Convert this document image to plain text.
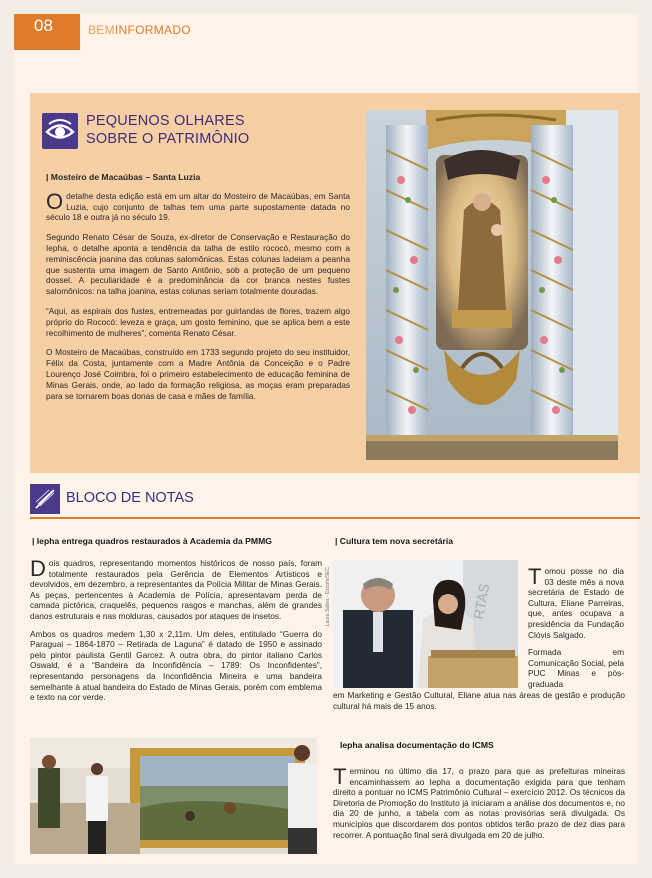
08	BEMINFORMADO
PEQUENOS OLHARES
SOBRE O PATRIMÔNIO
| Mosteiro de Macaúbas – Santa Luzia

Odetalhe desta edição está em um altar do Mosteiro de Macaúbas, em Santa Luzia, cujo conjunto de talhas tem uma parte supostamente datada no século 18 e outra já no século 19.

Segundo Renato César de Souza, ex-diretor de Conservação e Restauração do Iepha, o detalhe aponta a tendência da talha de estilo rococó, mesmo com a reminiscência joanina das colunas salomônicas. Estas colunas ladeiam a peanha que sustenta uma imagem de Santo Antônio, sob a proteção de um pequeno dossel. A peculiaridade é a predominância da cor branca nestes fustes salomônicos: na talha joanina, estas colunas seriam totalmente douradas.

“Aqui, as espirais dos fustes, entremeadas por guirlandas de flores, trazem algo próprio do Rococó: leveza e graça, um gosto feminino, que se aplica bem a este recolhimento de mulheres”, comenta Renato César.

O Mosteiro de Macaúbas, construído em 1733 segundo projeto do seu instituidor, Félix da Costa, juntamente com a Madre Antônia da Conceição e o Padre Lourenço José Coimbra, foi o primeiro estabelecimento de educação feminina de Minas Gerais, onde, ao lado da formação religiosa, as moças eram preparadas para se tornarem boas donas de casa e mães de família.

BLOCO DE NOTAS
| Iepha entrega quadros restaurados à Academia da PMMG

Dois quadros, representando momentos históricos de nosso país, foram totalmente restaurados pela Gerência de Elementos Artísticos e devolvidos, em dezembro, a representantes da Polícia Militar de Minas Gerais. As peças, pertencentes à Academia de Polícia, apresentavam perda de camada pictórica, craquelês, pequenos rasgos e manchas, além de grandes danos estruturais e nas molduras, causados por ataques de insetos.

Ambos os quadros medem 1,30 x 2,11m. Um deles, entitulado “Guerra do Paraguai – 1864-1870 – Retirada de Laguna” é datado de 1950 e assinado pelo pintor paulista Gentil Garcez. A outra obra, do pintor italiano Carlos Oswald, é a “Bandeira da Inconfidência – 1789: Os Inconfidentes”, representando personagens da Inconfidência Mineira e uma bandeira semelhante à atual bandeira do Estado de Minas Gerais, porém com emblema e texto na cor verde.

| Cultura tem nova secretária
Laura Salles - Escom/SEC	RTAS

Tomou posse no dia 03 deste mês a nova secretária de Estado de Cultura, Eliane Parreiras, que, antes ocupava a presidência da Fundação Clóvis Salgado.

Formada em Comunicação Social, pela PUC Minas e pós-graduada

em Marketing e Gestão Cultural, Eliane atua nas áreas de gestão e produção cultural há mais de 15 anos.

Iepha analisa documentação do ICMS

Terminou no último dia 17, o prazo para que as prefeituras mineiras encaminhassem ao Iepha a documentação exigida para que tenham direito a pontuar no ICMS Patrimônio Cultural – exercício 2012. Os técnicos da Diretoria de Promoção do Instituto já iniciaram a análise dos documentos e, no dia 20 de junho, a tabela com as notas provisórias será divulgada. Os municípios que discordarem dos pontos obtidos terão prazo de dez dias para recorrer. A pontuação final será divulgada em 20 de julho.
